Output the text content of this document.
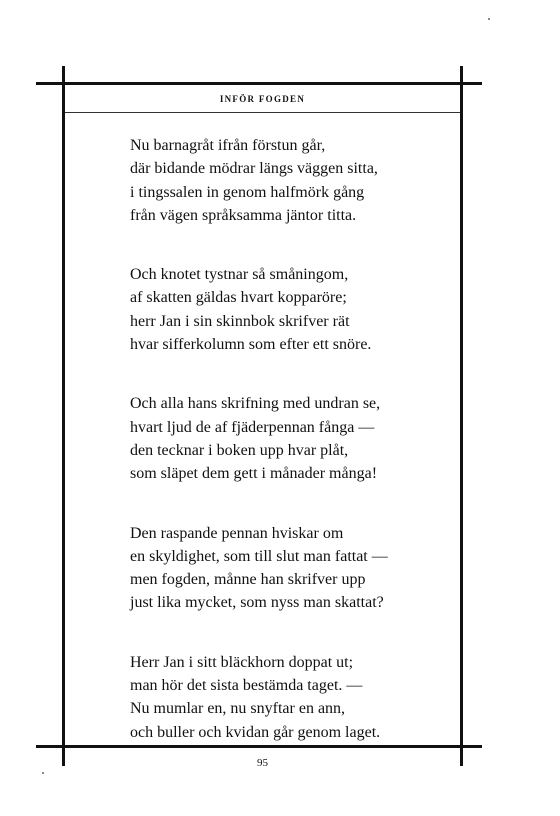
INFÖR FOGDEN
Nu barnagråt ifrån förstun går,
där bidande mödrar längs väggen sitta,
i tingssalen in genom halfmörk gång
från vägen språksamma jäntor titta.
Och knotet tystnar så småningom,
af skatten gäldas hvart kopparöre;
herr Jan i sin skinnbok skrifver rät
hvar sifferkolumn som efter ett snöre.
Och alla hans skrifning med undran se,
hvart ljud de af fjäderpennan fånga —
den tecknar i boken upp hvar plåt,
som släpet dem gett i månader många!
Den raspande pennan hviskar om
en skyldighet, som till slut man fattat —
men fogden, månne han skrifver upp
just lika mycket, som nyss man skattat?
Herr Jan i sitt bläckhorn doppat ut;
man hör det sista bestämda taget. —
Nu mumlar en, nu snyftar en ann,
och buller och kvidan går genom laget.
95
